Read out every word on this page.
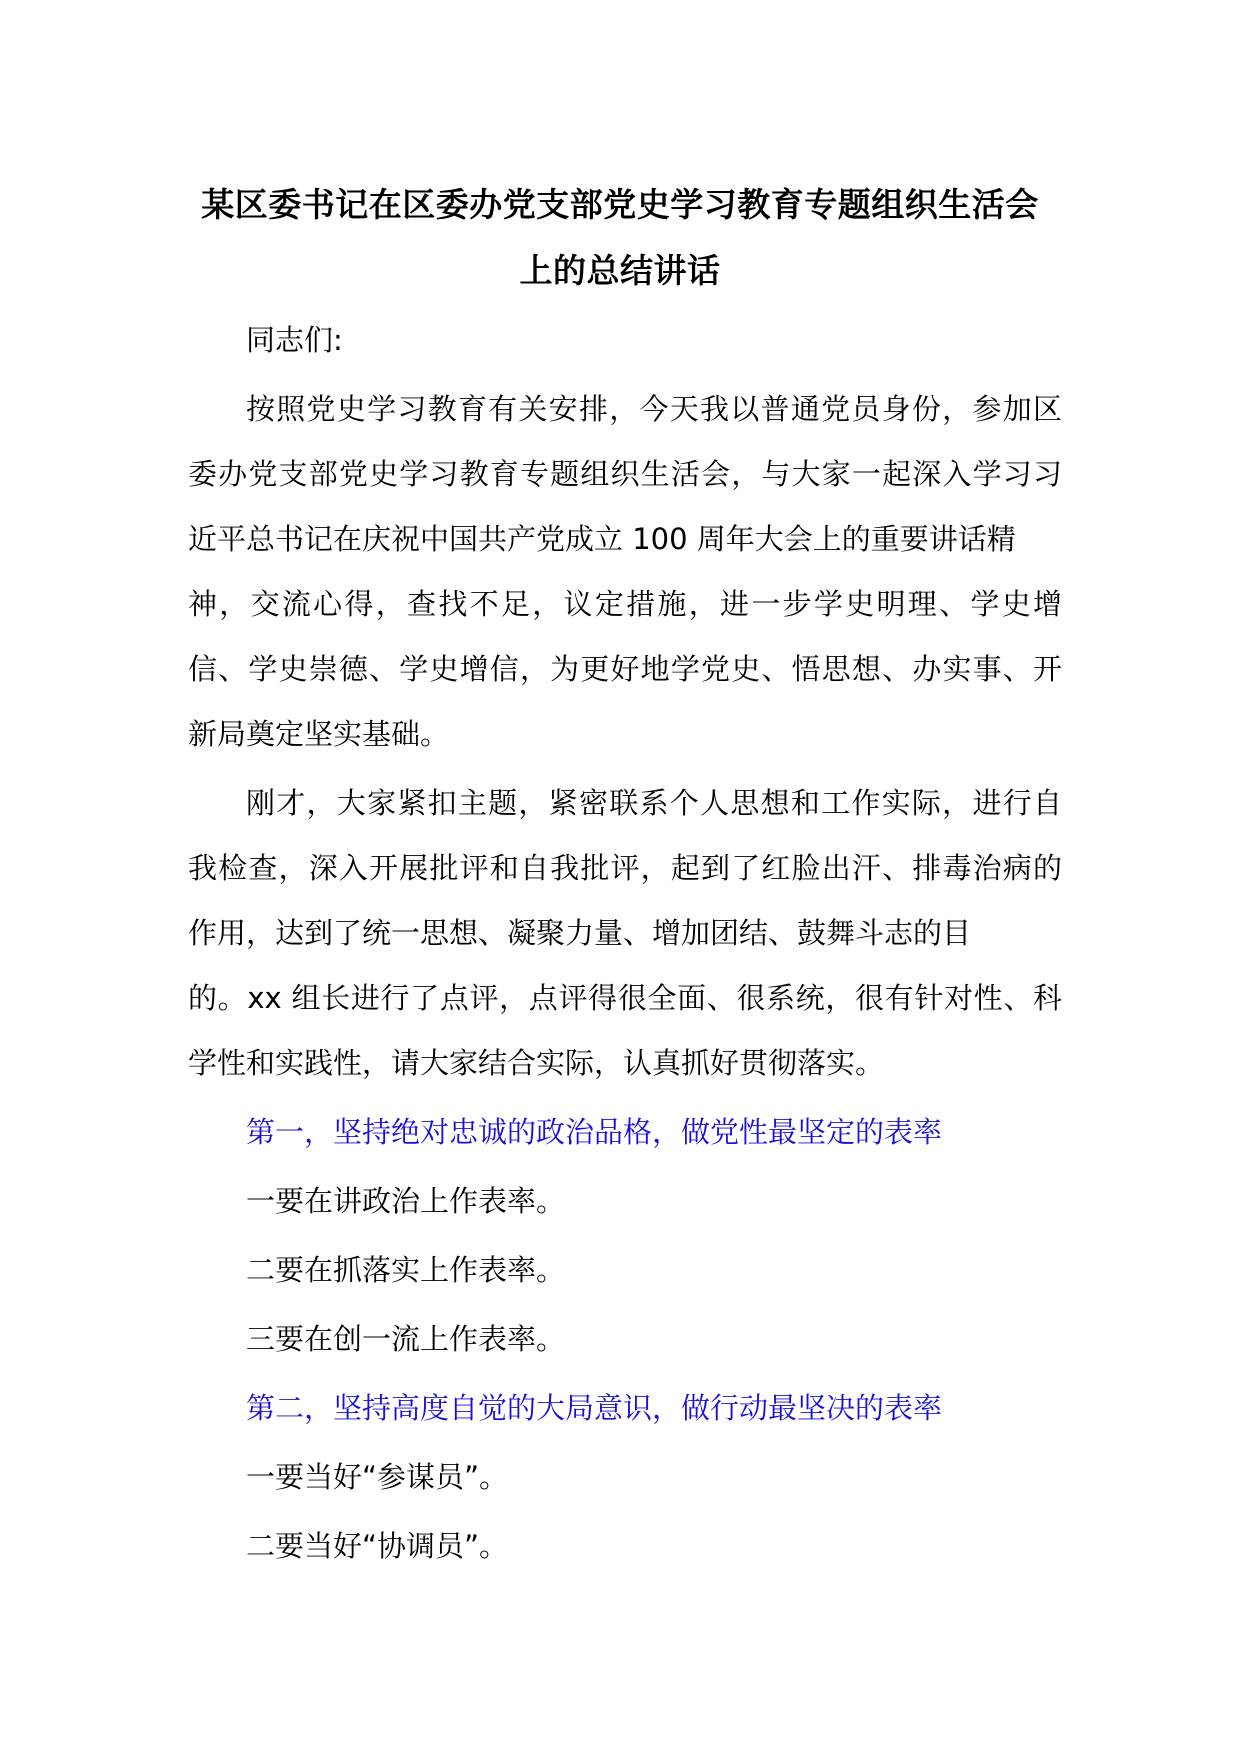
某区委书记在区委办党支部党史学习教育专题组织生活会
上的总结讲话
同志们:
按照党史学习教育有关安排，今天我以普通党员身份，参加区
委办党支部党史学习教育专题组织生活会，与大家一起深入学习习
近平总书记在庆祝中国共产党成立 100 周年大会上的重要讲话精
神，交流心得，查找不足，议定措施，进一步学史明理、学史增
信、学史崇德、学史增信，为更好地学党史、悟思想、办实事、开
新局奠定坚实基础。
刚才，大家紧扣主题，紧密联系个人思想和工作实际，进行自
我检查，深入开展批评和自我批评，起到了红脸出汗、排毒治病的
作用，达到了统一思想、凝聚力量、增加团结、鼓舞斗志的目
的。xx 组长进行了点评，点评得很全面、很系统，很有针对性、科
学性和实践性，请大家结合实际，认真抓好贯彻落实。
第一，坚持绝对忠诚的政治品格，做党性最坚定的表率
一要在讲政治上作表率。
二要在抓落实上作表率。
三要在创一流上作表率。
第二，坚持高度自觉的大局意识，做行动最坚决的表率
一要当好“参谋员”。
二要当好“协调员”。
